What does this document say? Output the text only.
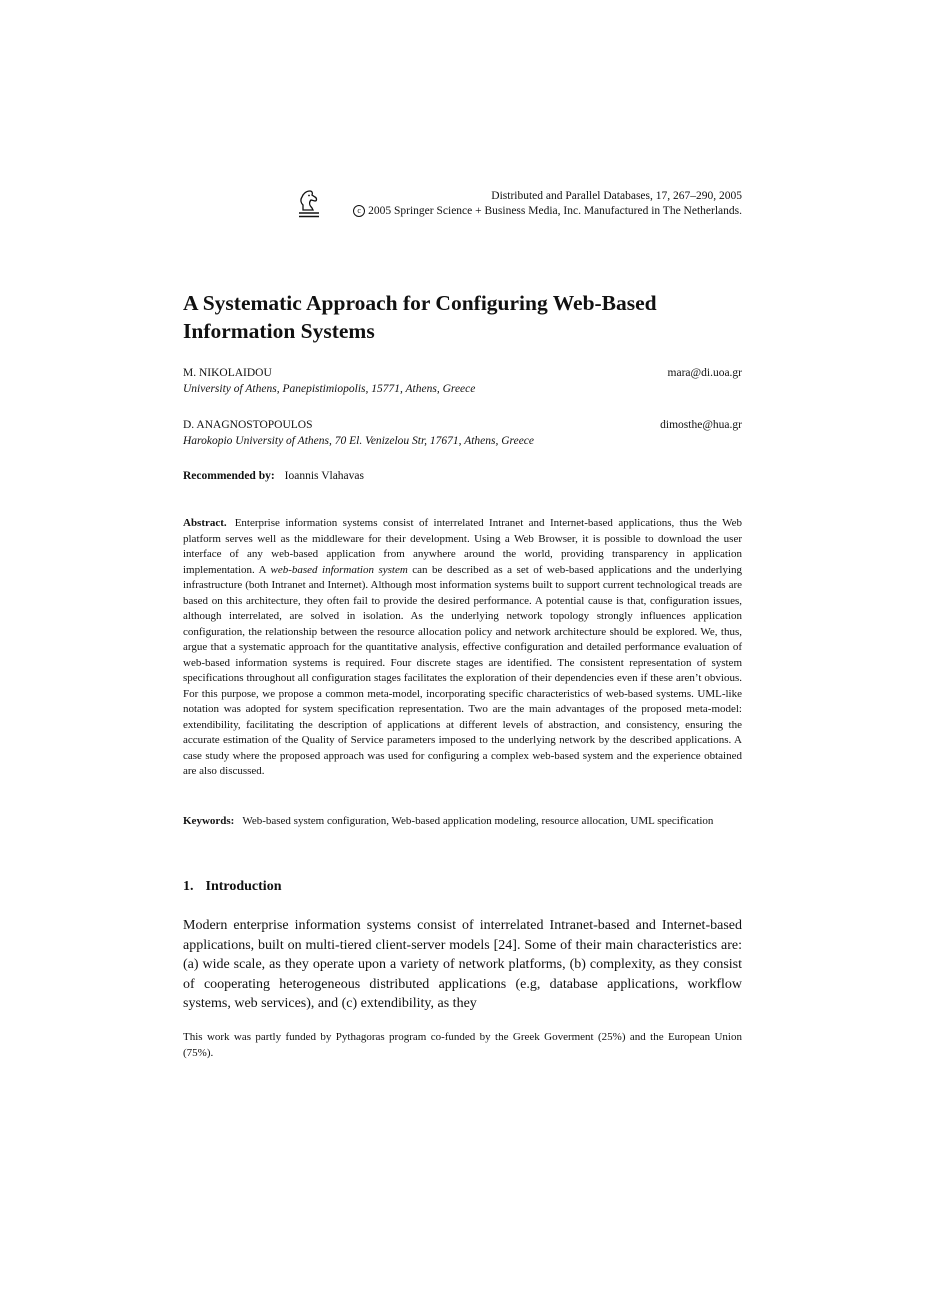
Distributed and Parallel Databases, 17, 267–290, 2005
c 2005 Springer Science + Business Media, Inc. Manufactured in The Netherlands.
A Systematic Approach for Configuring Web-Based Information Systems
M. NIKOLAIDOU	mara@di.uoa.gr
University of Athens, Panepistimiopolis, 15771, Athens, Greece
D. ANAGNOSTOPOULOS	dimosthe@hua.gr
Harokopio University of Athens, 70 El. Venizelou Str, 17671, Athens, Greece
Recommended by: Ioannis Vlahavas

Abstract. Enterprise information systems consist of interrelated Intranet and Internet-based applications, thus the Web platform serves well as the middleware for their development. Using a Web Browser, it is possible to download the user interface of any web-based application from anywhere around the world, providing transparency in application implementation. A web-based information system can be described as a set of web-based applications and the underlying infrastructure (both Intranet and Internet). Although most information systems built to support current technological treads are based on this architecture, they often fail to provide the desired performance. A potential cause is that, configuration issues, although interrelated, are solved in isolation. As the underlying network topology strongly influences application configuration, the relationship between the resource allocation policy and network architecture should be explored. We, thus, argue that a systematic approach for the quantitative analysis, effective configuration and detailed performance evaluation of web-based information systems is required. Four discrete stages are identified. The consistent representation of system specifications throughout all configuration stages facilitates the exploration of their dependencies even if these aren’t obvious. For this purpose, we propose a common meta-model, incorporating specific characteristics of web-based systems. UML-like notation was adopted for system specification representation. Two are the main advantages of the proposed meta-model: extendibility, facilitating the description of applications at different levels of abstraction, and consistency, ensuring the accurate estimation of the Quality of Service parameters imposed to the underlying network by the described applications. A case study where the proposed approach was used for configuring a complex web-based system and the experience obtained are also discussed.

Keywords: Web-based system configuration, Web-based application modeling, resource allocation, UML specification

1. Introduction

Modern enterprise information systems consist of interrelated Intranet-based and Internet-based applications, built on multi-tiered client-server models [24]. Some of their main characteristics are: (a) wide scale, as they operate upon a variety of network platforms, (b) complexity, as they consist of cooperating heterogeneous distributed applications (e.g, database applications, workflow systems, web services), and (c) extendibility, as they

This work was partly funded by Pythagoras program co-funded by the Greek Goverment (25%) and the European Union (75%).
